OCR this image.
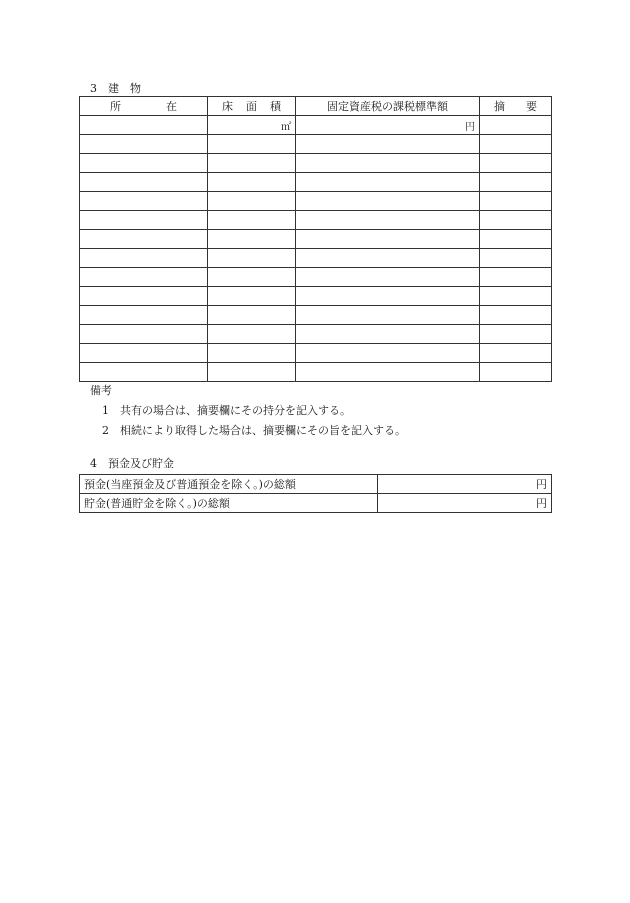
3　建　物
所 在	床 面 積	固定資産税の課税標準額	摘 要

	㎡	円	

備考
1　共有の場合は、摘要欄にその持分を記入する。
2　相続により取得した場合は、摘要欄にその旨を記入する。
4　預金及び貯金
預金(当座預金及び普通預金を除く。)の総額	円
貯金(普通貯金を除く。)の総額	円
